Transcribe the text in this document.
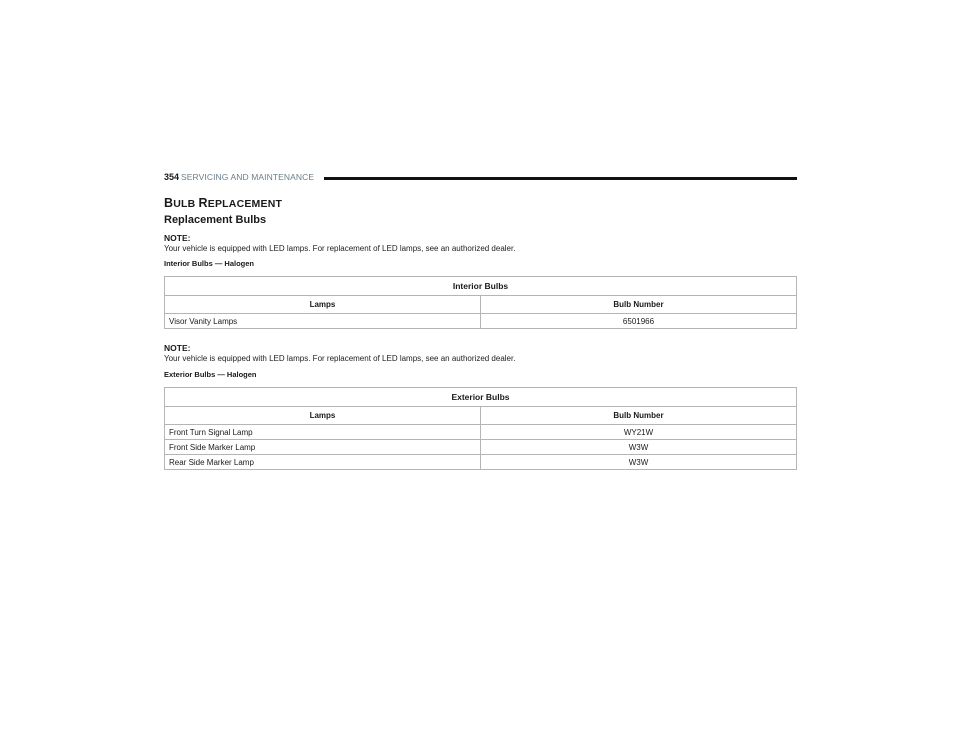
354 SERVICING AND MAINTENANCE
BULB REPLACEMENT
Replacement Bulbs
NOTE:
Your vehicle is equipped with LED lamps. For replacement of LED lamps, see an authorized dealer.
Interior Bulbs — Halogen
Interior Bulbs	
Lamps	Bulb Number
Visor Vanity Lamps	6501966
NOTE:
Your vehicle is equipped with LED lamps. For replacement of LED lamps, see an authorized dealer.
Exterior Bulbs — Halogen
Exterior Bulbs	
Lamps	Bulb Number
Front Turn Signal Lamp	WY21W
Front Side Marker Lamp	W3W
Rear Side Marker Lamp	W3W
